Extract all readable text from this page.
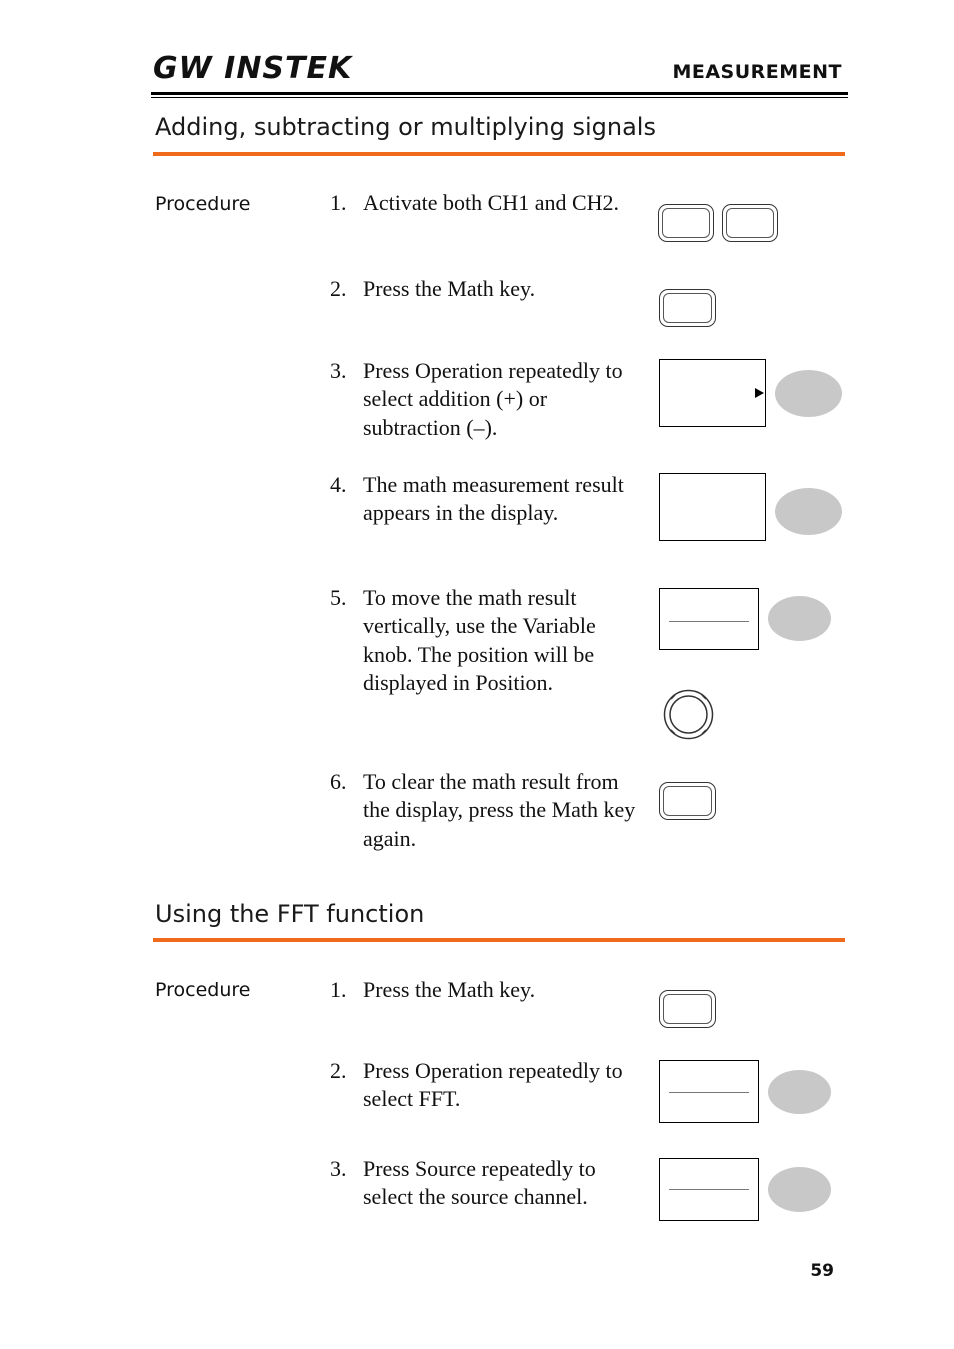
GW INSTEK	MEASUREMENT
Adding, subtracting or multiplying signals
Procedure	1. Activate both CH1 and CH2.
2. Press the Math key.
3. Press Operation repeatedly to select addition (+) or subtraction (–).
4. The math measurement result appears in the display.
5. To move the math result vertically, use the Variable knob. The position will be displayed in Position.
6. To clear the math result from the display, press the Math key again.
Using the FFT function
Procedure	1. Press the Math key.
2. Press Operation repeatedly to select FFT.
3. Press Source repeatedly to select the source channel.
59
